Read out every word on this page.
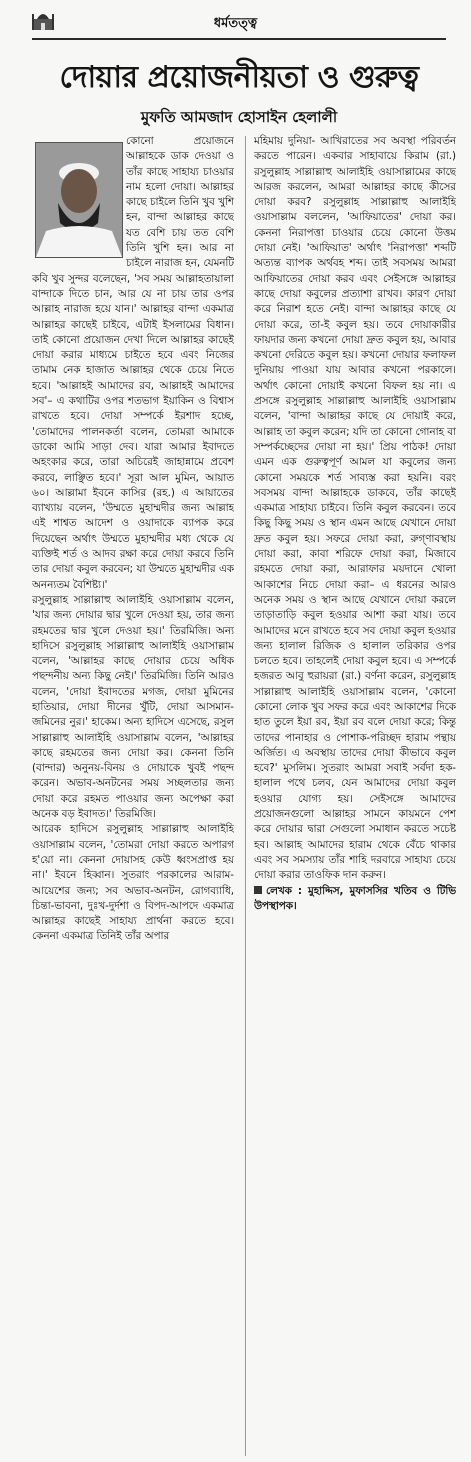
ধর্মতত্ত্ব
দোয়ার প্রয়োজনীয়তা ও গুরুত্ব
মুফতি আমজাদ হোসাইন হেলালী

কোনো প্রয়োজনে আল্লাহকে ডাক দেওয়া ও তাঁর কাছে সাহায্য চাওয়ার নাম হলো দোয়া। আল্লাহর কাছে চাইলে তিনি খুব খুশি হন, বান্দা আল্লাহর কাছে যত বেশি চায় তত বেশি তিনি খুশি হন। আর না চাইলে নারাজ হন, যেমনটি কবি খুব সুন্দর বলেছেন, 'সব সময় আল্লাহতায়ালা বান্দাকে দিতে চান, আর যে না চায় তার ওপর আল্লাহ নারাজ হয়ে যান।' আল্লাহর বান্দা একমাত্র আল্লাহর কাছেই চাইবে, এটাই ইসলামের বিধান। তাই কোনো প্রয়োজন দেখা দিলে আল্লাহর কাছেই দোয়া করার মাধ্যমে চাইতে হবে এবং নিজের তামাম নেক হাজাত আল্লাহর থেকে চেয়ে নিতে হবে। 'আল্লাহই আমাদের রব, আল্লাহই আমাদের সব'– এ কথাটির ওপর শতভাগ ইয়াকিন ও বিশ্বাস রাখতে হবে। দোয়া সম্পর্কে ইরশাদ হচ্ছে, 'তোমাদের পালনকর্তা বলেন, তোমরা আমাকে ডাকো আমি সাড়া দেব। যারা আমার ইবাদতে অহংকার করে, তারা অচিরেই জাহান্নামে প্রবেশ করবে, লাঞ্ছিত হবে।' সূরা আল মুমিন, আয়াত ৬০। আল্লামা ইবনে কাসির (রহ.) এ আয়াতের ব্যাখ্যায় বলেন, 'উম্মতে মুহাম্মদীর জন্য আল্লাহ এই শাশ্বত আদেশ ও ওয়াদাকে ব্যাপক করে দিয়েছেন অর্থাৎ উম্মতে মুহাম্মদীর মধ্য থেকে যে ব্যক্তিই শর্ত ও আদব রক্ষা করে দোয়া করবে তিনি তার দোয়া কবুল করবেন; যা উম্মতে মুহাম্মদীর এক অনন্যতম বৈশিষ্ট্য।'

রসুলুল্লাহ সাল্লাল্লাহু আলাইহি ওয়াসাল্লাম বলেন, 'যার জন্য দোয়ার দ্বার খুলে দেওয়া হয়, তার জন্য রহমতের দ্বার খুলে দেওয়া হয়।' তিরমিজি। অন্য হাদিসে রসুলুল্লাহ সাল্লাল্লাহু আলাইহি ওয়াসাল্লাম বলেন, 'আল্লাহর কাছে দোয়ার চেয়ে অধিক পছন্দনীয় অন্য কিছু নেই।' তিরমিজি। তিনি আরও বলেন, 'দোয়া ইবাদতের মগজ, দোয়া মুমিনের হাতিয়ার, দোয়া দীনের খুঁটি, দোয়া আসমান-জমিনের নুর।' হাকেম। অন্য হাদিসে এসেছে, রসুল সাল্লাল্লাহু আলাইহি ওয়াসাল্লাম বলেন, 'আল্লাহর কাছে রহমতের জন্য দোয়া কর। কেননা তিনি (বান্দার) অনুনয়-বিনয় ও দোয়াকে খুবই পছন্দ করেন। অভাব-অনটনের সময় সচ্ছলতার জন্য দোয়া করে রহমত পাওয়ার জন্য অপেক্ষা করা অনেক বড় ইবাদত।' তিরমিজি।

আরেক হাদিসে রসুলুল্লাহ সাল্লাল্লাহু আলাইহি ওয়াসাল্লাম বলেন, 'তোমরা দোয়া করতে অপারগ হ'য়ো না। কেননা দোয়াসহ কেউ ধ্বংসপ্রাপ্ত হয় না।' ইবনে হিব্বান। সুতরাং পরকালের আরাম-আয়েশের জন্য; সব অভাব-অনটন, রোগব্যাধি, চিন্তা-ভাবনা, দুঃখ-দুর্দশা ও বিপদ-আপদে একমাত্র আল্লাহর কাছেই সাহায্য প্রার্থনা করতে হবে। কেননা একমাত্র তিনিই তাঁর অপার

মহিমায় দুনিয়া- আখিরাতের সব অবস্থা পরিবর্তন করতে পারেন। একবার সাহাবায়ে কিরাম (রা.) রসুলুল্লাহ সাল্লাল্লাহু আলাইহি ওয়াসাল্লামের কাছে আরজ করলেন, আমরা আল্লাহর কাছে কীসের দোয়া করব? রসুলুল্লাহ সাল্লাল্লাহু আলাইহি ওয়াসাল্লাম বললেন, 'আফিয়াতের' দোয়া কর। কেননা নিরাপত্তা চাওয়ার চেয়ে কোনো উত্তম দোয়া নেই। 'আফিয়াত' অর্থাৎ 'নিরাপত্তা' শব্দটি অত্যন্ত ব্যাপক অর্থবহ শব্দ। তাই সবসময় আমরা আফিয়াতের দোয়া করব এবং সেইসঙ্গে আল্লাহর কাছে দোয়া কবুলের প্রত্যাশা রাখব। কারণ দোয়া করে নিরাশ হতে নেই। বান্দা আল্লাহর কাছে যে দোয়া করে, তা-ই কবুল হয়। তবে দোয়াকারীর ফায়দার জন্য কখনো দোয়া দ্রুত কবুল হয়, আবার কখনো দেরিতে কবুল হয়। কখনো দোয়ার ফলাফল দুনিয়ায় পাওয়া যায় আবার কখনো পরকালে। অর্থাৎ কোনো দোয়াই কখনো বিফল হয় না। এ প্রসঙ্গে রসুলুল্লাহ সাল্লাল্লাহু আলাইহি ওয়াসাল্লাম বলেন, 'বান্দা আল্লাহর কাছে যে দোয়াই করে, আল্লাহ তা কবুল করেন; যদি তা কোনো গোনাহ বা সম্পর্কচ্ছেদের দোয়া না হয়।' প্রিয় পাঠক! দোয়া এমন এক গুরুত্বপূর্ণ আমল যা কবুলের জন্য কোনো সময়কে শর্ত সাব্যস্ত করা হয়নি। বরং সবসময় বান্দা আল্লাহকে ডাকবে, তাঁর কাছেই একমাত্র সাহায্য চাইবে। তিনি কবুল করবেন। তবে কিছু কিছু সময় ও স্থান এমন আছে যেখানে দোয়া দ্রুত কবুল হয়। সফরে দোয়া করা, রুগ্ণাবস্থায় দোয়া করা, কাবা শরিফে দোয়া করা, মিজাবে রহমতে দোয়া করা, আরাফার ময়দানে খোলা আকাশের নিচে দোয়া করা– এ ধরনের আরও অনেক সময় ও স্থান আছে যেখানে দোয়া করলে তাড়াতাড়ি কবুল হওয়ার আশা করা যায়। তবে আমাদের মনে রাখতে হবে সব দোয়া কবুল হওয়ার জন্য হালাল রিজিক ও হালাল তরিকার ওপর চলতে হবে। তাহলেই দোয়া কবুল হবে। এ সম্পর্কে হজরত আবু হুরায়রা (রা.) বর্ণনা করেন, রসুলুল্লাহ সাল্লাল্লাহু আলাইহি ওয়াসাল্লাম বলেন, 'কোনো কোনো লোক খুব সফর করে এবং আকাশের দিকে হাত তুলে ইয়া রব, ইয়া রব বলে দোয়া করে; কিন্তু তাদের পানাহার ও পোশাক-পরিচ্ছদ হারাম পন্থায় অর্জিত। এ অবস্থায় তাদের দোয়া কীভাবে কবুল হবে?' মুসলিম। সুতরাং আমরা সবাই সর্বদা হক-হালাল পথে চলব, যেন আমাদের দোয়া কবুল হওয়ার যোগ্য হয়। সেইসঙ্গে আমাদের প্রয়োজনগুলো আল্লাহর সামনে কায়মনে পেশ করে দোয়ার দ্বারা সেগুলো সমাধান করতে সচেষ্ট হব। আল্লাহ আমাদের হারাম থেকে বেঁচে থাকার এবং সব সমস্যায় তাঁর শাহি দরবারে সাহায্য চেয়ে দোয়া করার তাওফিক দান করুন।

লেখক : মুহাদ্দিস, মুফাসসির খতিব ও টিভি উপস্থাপক।
